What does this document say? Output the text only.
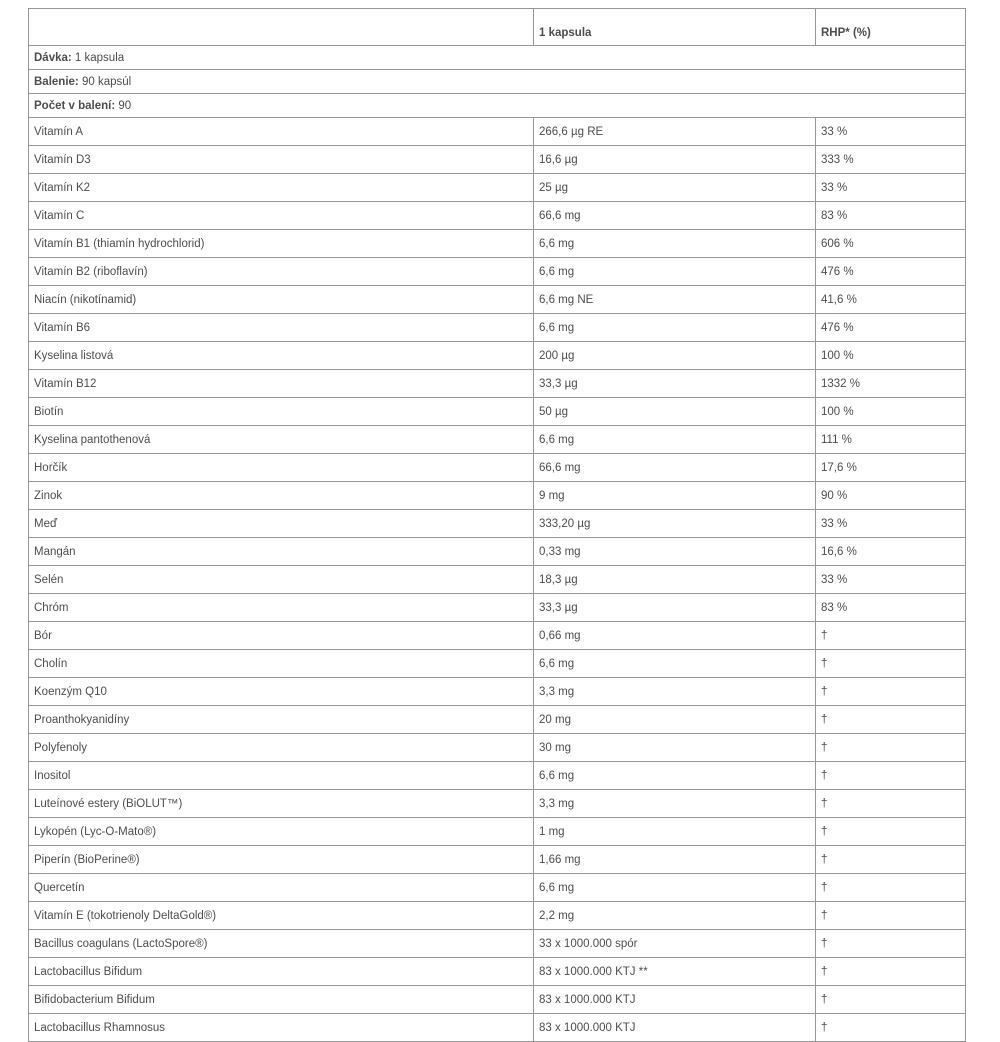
Dávka: 1 kapsula		
Balenie: 90 kapsúl		
Počet v balení: 90		
	1 kapsula	RHP* (%)
Vitamín A	266,6 µg RE	33 %
Vitamín D3	16,6 µg	333 %
Vitamín K2	25 µg	33 %
Vitamín C	66,6 mg	83 %
Vitamín B1 (thiamín hydrochlorid)	6,6 mg	606 %
Vitamín B2 (riboflavín)	6,6 mg	476 %
Niacín (nikotínamid)	6,6 mg NE	41,6 %
Vitamín B6	6,6 mg	476 %
Kyselina listová	200 µg	100 %
Vitamín B12	33,3 µg	1332 %
Biotín	50 µg	100 %
Kyselina pantothenová	6,6 mg	111 %
Horčík	66,6 mg	17,6 %
Zinok	9 mg	90 %
Meď	333,20 µg	33 %
Mangán	0,33 mg	16,6 %
Selén	18,3 µg	33 %
Chróm	33,3 µg	83 %
Bór	0,66 mg	†
Cholín	6,6 mg	†
Koenzým Q10	3,3 mg	†
Proanthokyanidíny	20 mg	†
Polyfenoly	30 mg	†
Inositol	6,6 mg	†
Luteínové estery (BiOLUT™)	3,3 mg	†
Lykopén (Lyc-O-Mato®)	1 mg	†
Piperín (BioPerine®)	1,66 mg	†
Quercetín	6,6 mg	†
Vitamín E (tokotrienoly DeltaGold®)	2,2 mg	†
Bacillus coagulans (LactoSpore®)	33 x 1000.000 spór	†
Lactobacillus Bifidum	83 x 1000.000 KTJ **	†
Bifidobacterium Bifidum	83 x 1000.000 KTJ	†
Lactobacillus Rhamnosus	83 x 1000.000 KTJ	†
